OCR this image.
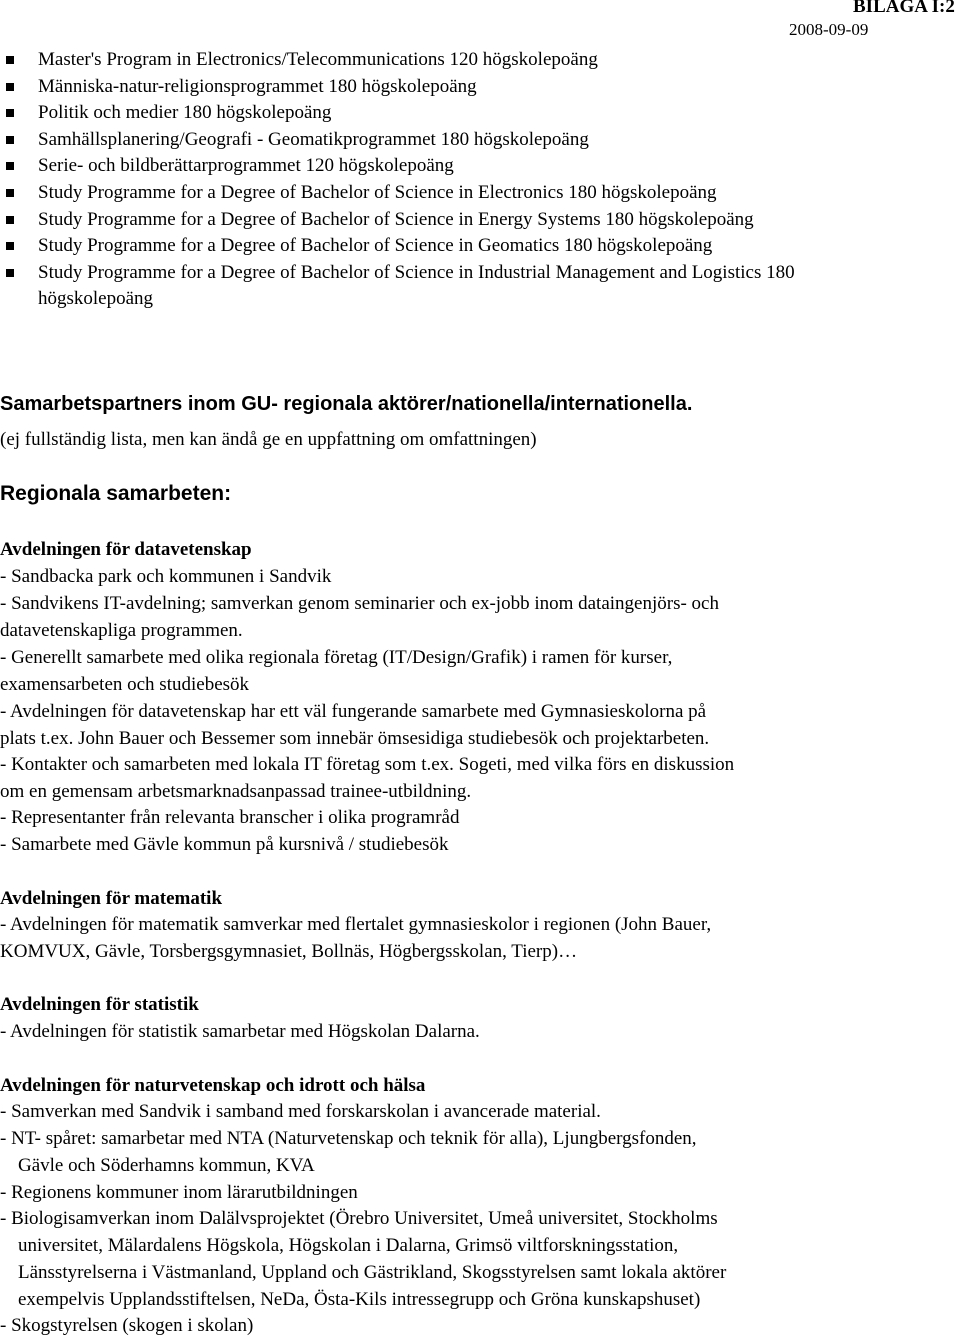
BILAGA I:2
2008-09-09
Master's Program in Electronics/Telecommunications 120 högskolepoäng
Människa-natur-religionsprogrammet 180 högskolepoäng
Politik och medier 180 högskolepoäng
Samhällsplanering/Geografi - Geomatikprogrammet 180 högskolepoäng
Serie- och bildberättarprogrammet 120 högskolepoäng
Study Programme for a Degree of Bachelor of Science in Electronics 180 högskolepoäng
Study Programme for a Degree of Bachelor of Science in Energy Systems 180 högskolepoäng
Study Programme for a Degree of Bachelor of Science in Geomatics 180 högskolepoäng
Study Programme for a Degree of Bachelor of Science in Industrial Management and Logistics 180 högskolepoäng
Samarbetspartners inom GU- regionala aktörer/nationella/internationella.
(ej fullständig lista, men kan ändå ge en uppfattning om omfattningen)
Regionala samarbeten:
Avdelningen för datavetenskap
- Sandbacka park och kommunen i Sandvik
- Sandvikens IT-avdelning; samverkan genom seminarier och ex-jobb inom dataingenjörs- och
datavetenskapliga programmen.
- Generellt samarbete med olika regionala företag (IT/Design/Grafik) i ramen för kurser,
examensarbeten och studiebesök
- Avdelningen för datavetenskap har ett väl fungerande samarbete med Gymnasieskolorna på
plats t.ex. John Bauer och Bessemer som innebär ömsesidiga studiebesök och projektarbeten.
- Kontakter och samarbeten med lokala IT företag som t.ex. Sogeti, med vilka förs en diskussion
om en gemensam arbetsmarknadsanpassad trainee-utbildning.
- Representanter från relevanta branscher i olika programråd
- Samarbete med Gävle kommun på kursnivå / studiebesök
Avdelningen för matematik
- Avdelningen för matematik samverkar med flertalet gymnasieskolor i regionen (John Bauer,
KOMVUX, Gävle, Torsbergsgymnasiet, Bollnäs, Högbergsskolan, Tierp)…
Avdelningen för statistik
- Avdelningen för statistik samarbetar med Högskolan Dalarna.
Avdelningen för naturvetenskap och idrott och hälsa
- Samverkan med Sandvik i samband med forskarskolan i avancerade material.
- NT- spåret: samarbetar med NTA (Naturvetenskap och teknik för alla), Ljungbergsfonden,
Gävle och Söderhamns kommun, KVA
- Regionens kommuner inom lärarutbildningen
- Biologisamverkan inom Dalälvsprojektet (Örebro Universitet, Umeå universitet, Stockholms
universitet, Mälardalens Högskola, Högskolan i Dalarna, Grimsö viltforskningsstation,
Länsstyrelserna i Västmanland, Uppland och Gästrikland, Skogsstyrelsen samt lokala aktörer
exempelvis Upplandsstiftelsen, NeDa, Östa-Kils intressegrupp och Gröna kunskapshuset)
- Skogstyrelsen (skogen i skolan)
